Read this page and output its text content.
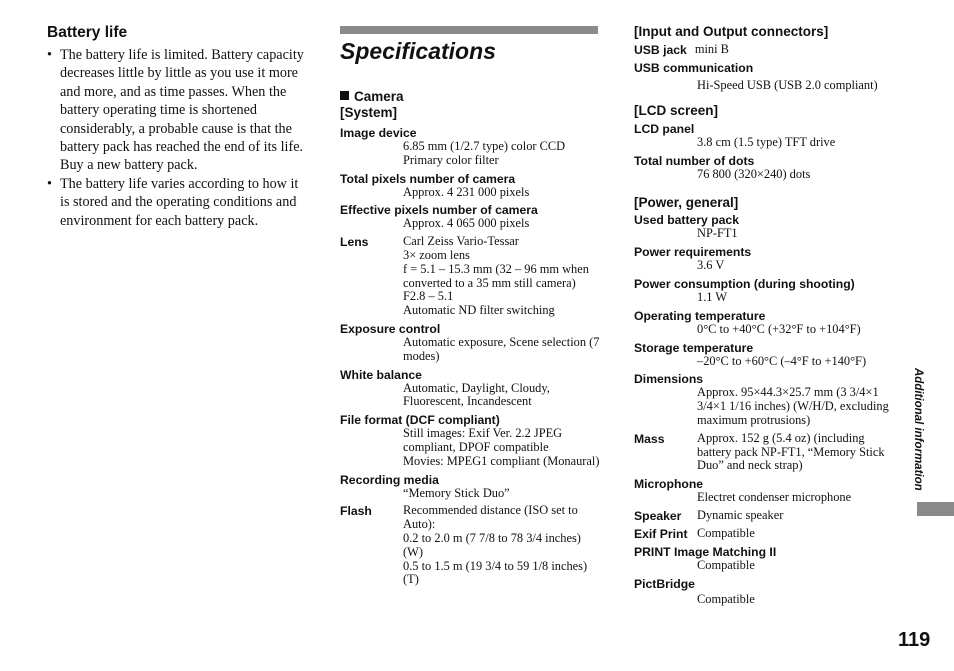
Battery life
• The battery life is limited. Battery capacity decreases little by little as you use it more and more, and as time passes. When the battery operating time is shortened considerably, a probable cause is that the battery pack has reached the end of its life. Buy a new battery pack.
• The battery life varies according to how it is stored and the operating conditions and environment for each battery pack.
Specifications
Camera
[System]
Image device
6.85 mm (1/2.7 type) color CCD
Primary color filter
Total pixels number of camera
Approx. 4 231 000 pixels
Effective pixels number of camera
Approx. 4 065 000 pixels
Lens	Carl Zeiss Vario-Tessar
3× zoom lens
f = 5.1 – 15.3 mm (32 – 96 mm when converted to a 35 mm still camera)
F2.8 – 5.1
Automatic ND filter switching
Exposure control
Automatic exposure, Scene selection (7 modes)
White balance
Automatic, Daylight, Cloudy, Fluorescent, Incandescent
File format (DCF compliant)
Still images: Exif Ver. 2.2 JPEG compliant, DPOF compatible
Movies: MPEG1 compliant (Monaural)
Recording media
“Memory Stick Duo”
Flash	Recommended distance (ISO set to Auto):
0.2 to 2.0 m (7 7/8 to 78 3/4 inches) (W)
0.5 to 1.5 m (19 3/4 to 59 1/8 inches) (T)
[Input and Output connectors]
USB jack mini B
USB communication
Hi-Speed USB (USB 2.0 compliant)
[LCD screen]
LCD panel
3.8 cm (1.5 type) TFT drive
Total number of dots
76 800 (320×240) dots
[Power, general]
Used battery pack
NP-FT1
Power requirements
3.6 V
Power consumption (during shooting)
1.1 W
Operating temperature
0°C to +40°C (+32°F to +104°F)
Storage temperature
–20°C to +60°C (–4°F to +140°F)
Dimensions
Approx. 95×44.3×25.7 mm (3 3/4×1 3/4×1 1/16 inches) (W/H/D, excluding maximum protrusions)
Mass	Approx. 152 g (5.4 oz) (including battery pack NP-FT1, “Memory Stick Duo” and neck strap)
Microphone
Electret condenser microphone
Speaker	Dynamic speaker
Exif Print Compatible
PRINT Image Matching II
Compatible
PictBridge
Compatible
Additional information
119
